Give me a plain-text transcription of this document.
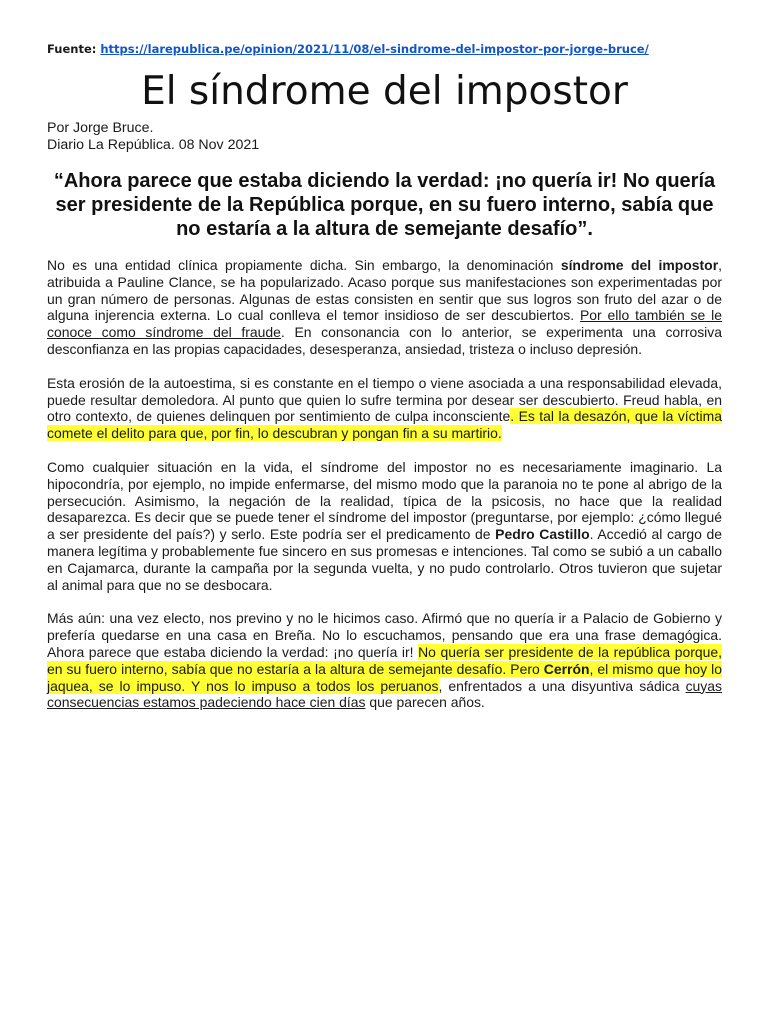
Fuente: https://larepublica.pe/opinion/2021/11/08/el-sindrome-del-impostor-por-jorge-bruce/
El síndrome del impostor

Por Jorge Bruce.

Diario La República. 08 Nov 2021

“Ahora parece que estaba diciendo la verdad: ¡no quería ir! No quería ser presidente de la República porque, en su fuero interno, sabía que no estaría a la altura de semejante desafío”.

No es una entidad clínica propiamente dicha. Sin embargo, la denominación síndrome del impostor, atribuida a Pauline Clance, se ha popularizado. Acaso porque sus manifestaciones son experimentadas por un gran número de personas. Algunas de estas consisten en sentir que sus logros son fruto del azar o de alguna injerencia externa. Lo cual conlleva el temor insidioso de ser descubiertos. Por ello también se le conoce como síndrome del fraude. En consonancia con lo anterior, se experimenta una corrosiva desconfianza en las propias capacidades, desesperanza, ansiedad, tristeza o incluso depresión.

Esta erosión de la autoestima, si es constante en el tiempo o viene asociada a una responsabilidad elevada, puede resultar demoledora. Al punto que quien lo sufre termina por desear ser descubierto. Freud habla, en otro contexto, de quienes delinquen por sentimiento de culpa inconsciente. Es tal la desazón, que la víctima comete el delito para que, por fin, lo descubran y pongan fin a su martirio.

Como cualquier situación en la vida, el síndrome del impostor no es necesariamente imaginario. La hipocondría, por ejemplo, no impide enfermarse, del mismo modo que la paranoia no te pone al abrigo de la persecución. Asimismo, la negación de la realidad, típica de la psicosis, no hace que la realidad desaparezca. Es decir que se puede tener el síndrome del impostor (preguntarse, por ejemplo: ¿cómo llegué a ser presidente del país?) y serlo. Este podría ser el predicamento de Pedro Castillo. Accedió al cargo de manera legítima y probablemente fue sincero en sus promesas e intenciones. Tal como se subió a un caballo en Cajamarca, durante la campaña por la segunda vuelta, y no pudo controlarlo. Otros tuvieron que sujetar al animal para que no se desbocara.

Más aún: una vez electo, nos previno y no le hicimos caso. Afirmó que no quería ir a Palacio de Gobierno y prefería quedarse en una casa en Breña. No lo escuchamos, pensando que era una frase demagógica. Ahora parece que estaba diciendo la verdad: ¡no quería ir! No quería ser presidente de la república porque, en su fuero interno, sabía que no estaría a la altura de semejante desafío. Pero Cerrón, el mismo que hoy lo jaquea, se lo impuso. Y nos lo impuso a todos los peruanos, enfrentados a una disyuntiva sádica cuyas consecuencias estamos padeciendo hace cien días que parecen años.
